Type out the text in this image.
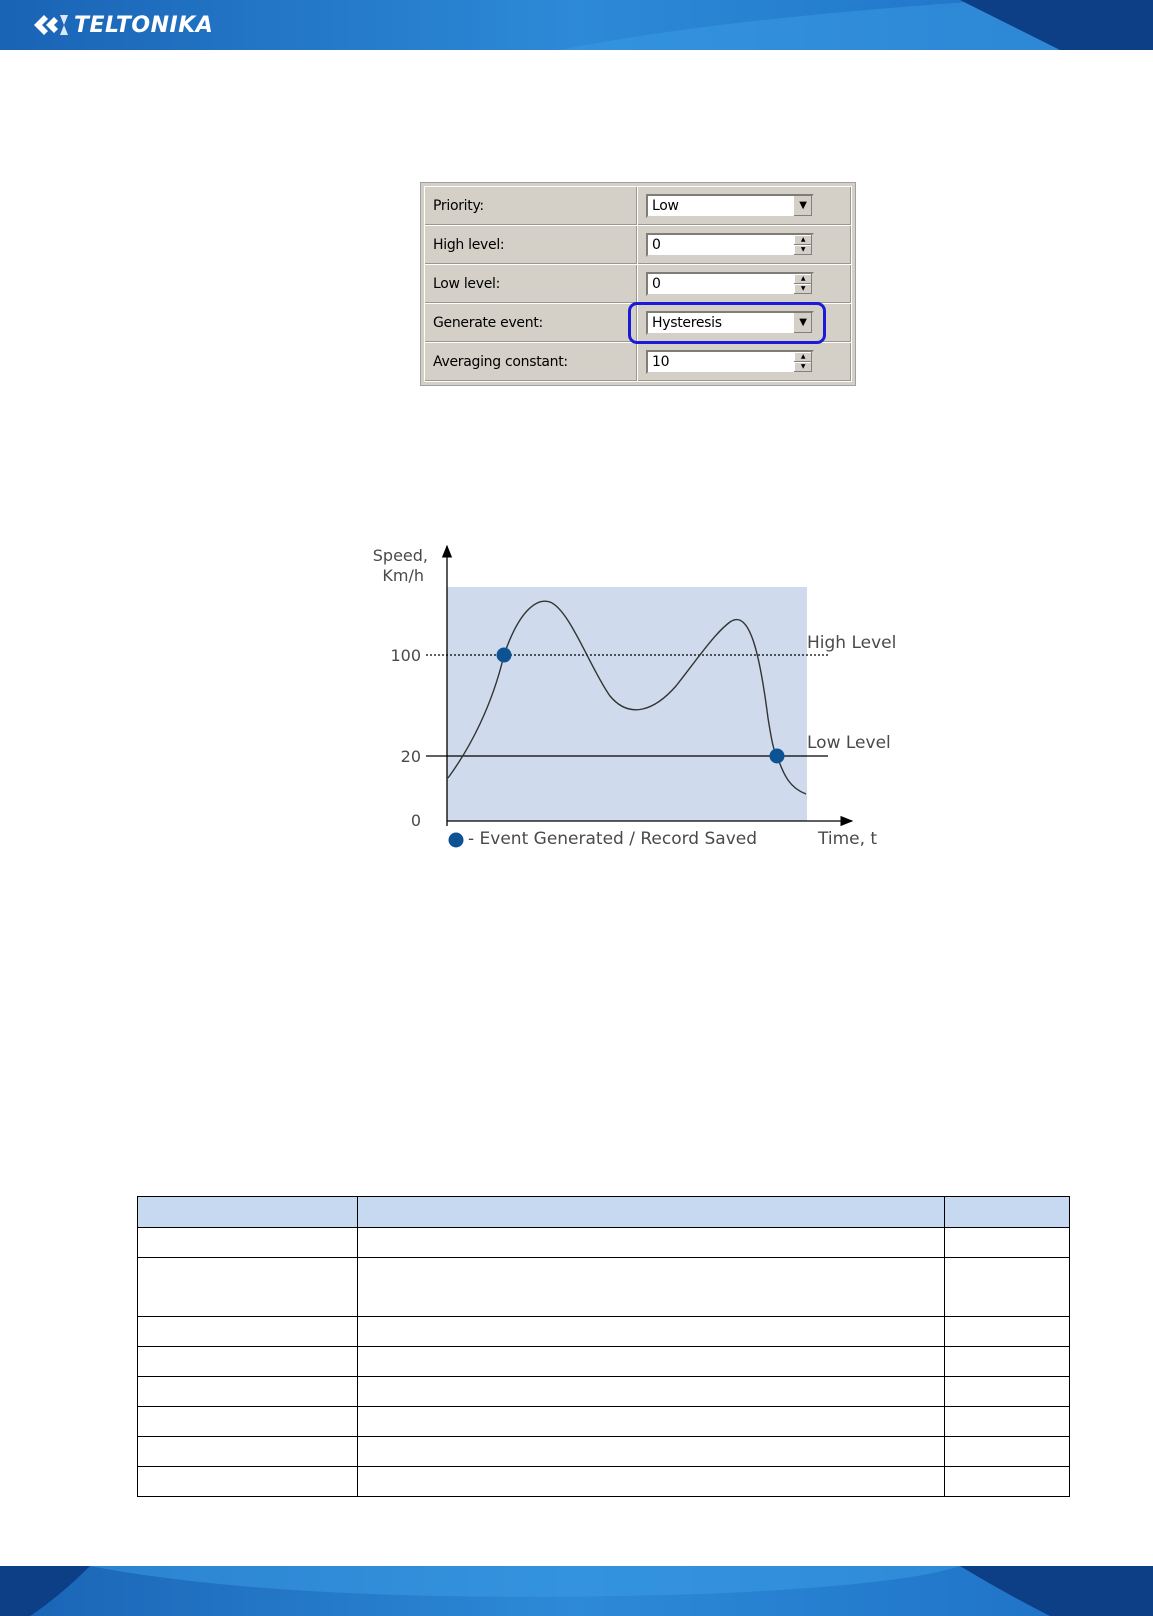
TELTONIKA
Priority:	Low ▼

High level:	0 ▲
▼

Low level:	0 ▲
▼

Generate event:	Hysteresis ▼

Averaging constant:	10 ▲
▼
Speed,
Km/h
100
20
0
High Level
Low Level
- Event Generated / Record Saved	Time, t
